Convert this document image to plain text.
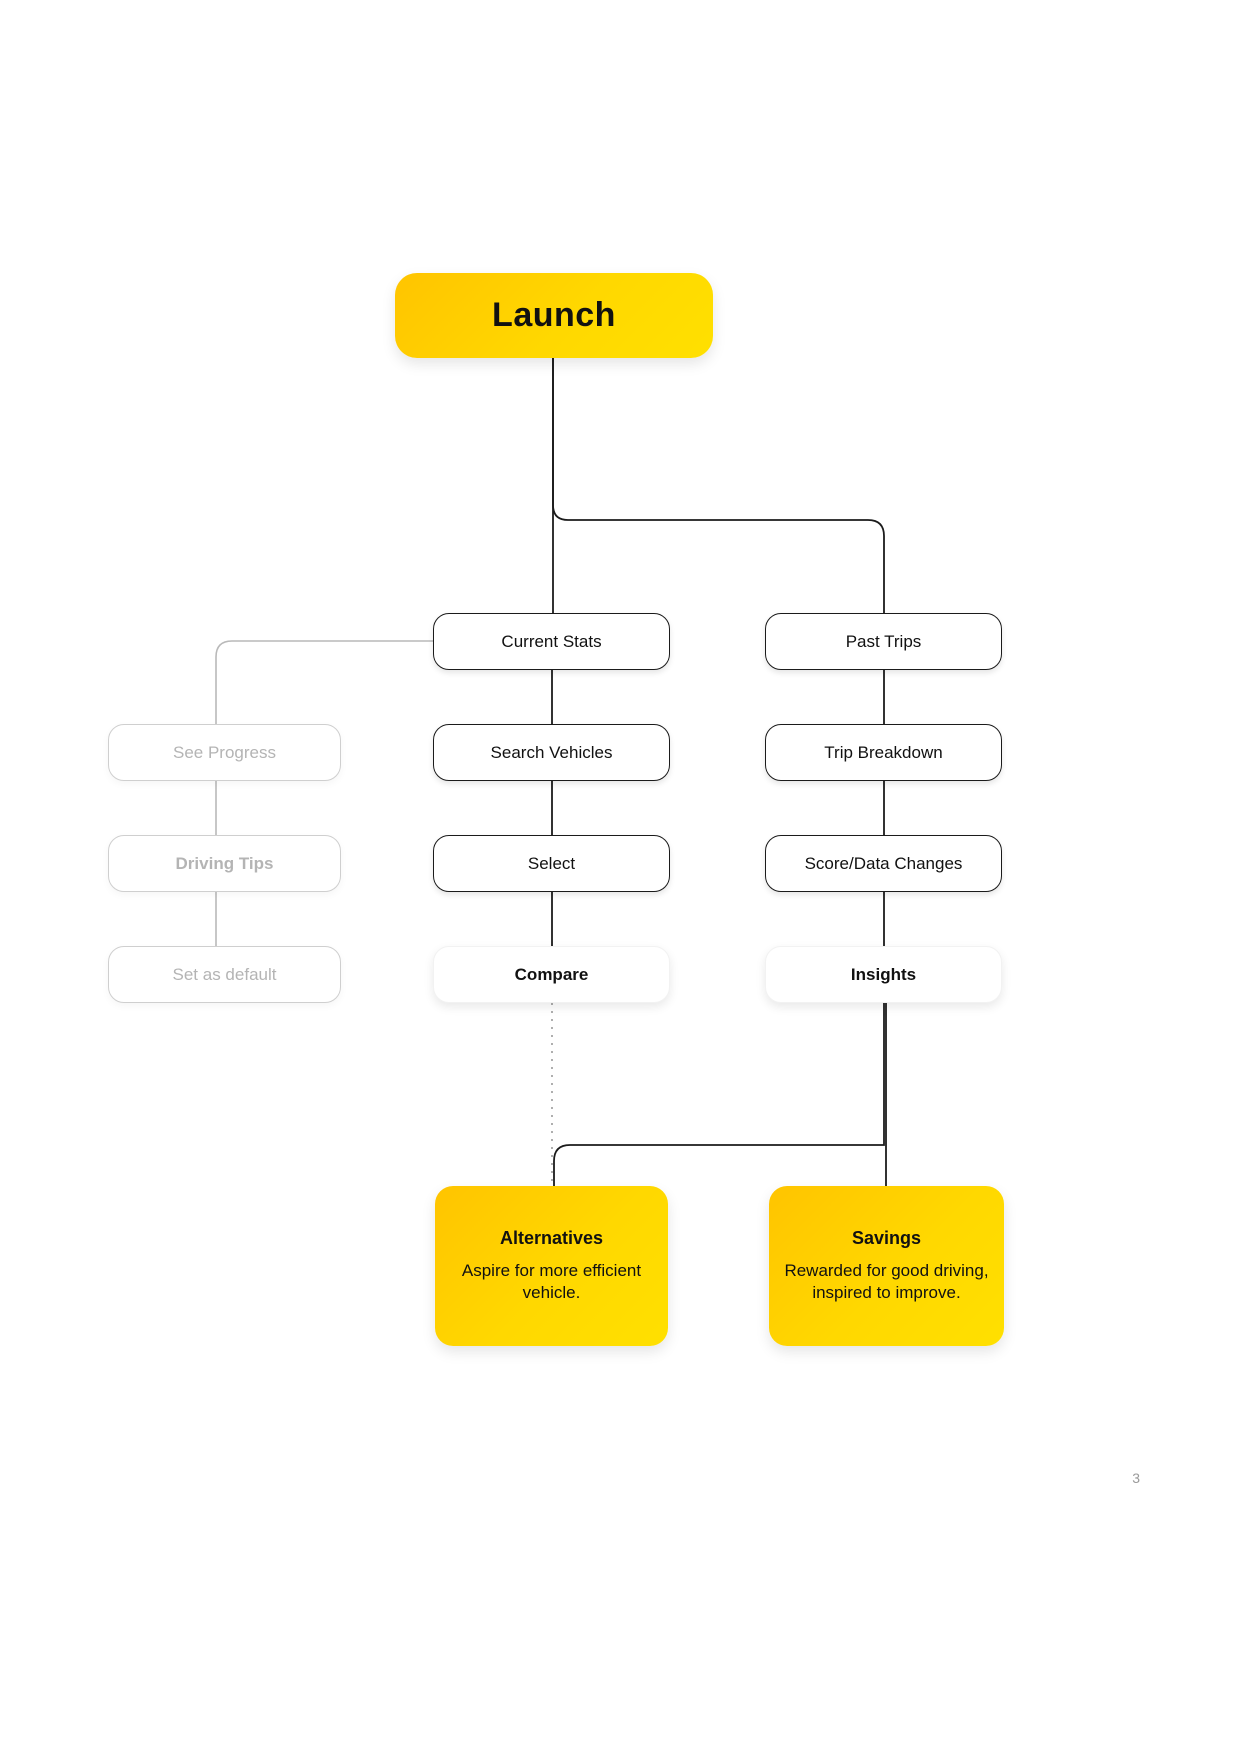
Launch
See Progress
Driving Tips
Set as default
Current Stats
Search Vehicles
Select
Compare
Past Trips
Trip Breakdown
Score/Data Changes
Insights
Alternatives
Aspire for more efficient vehicle.
Savings
Rewarded for good driving, inspired to improve.
3
